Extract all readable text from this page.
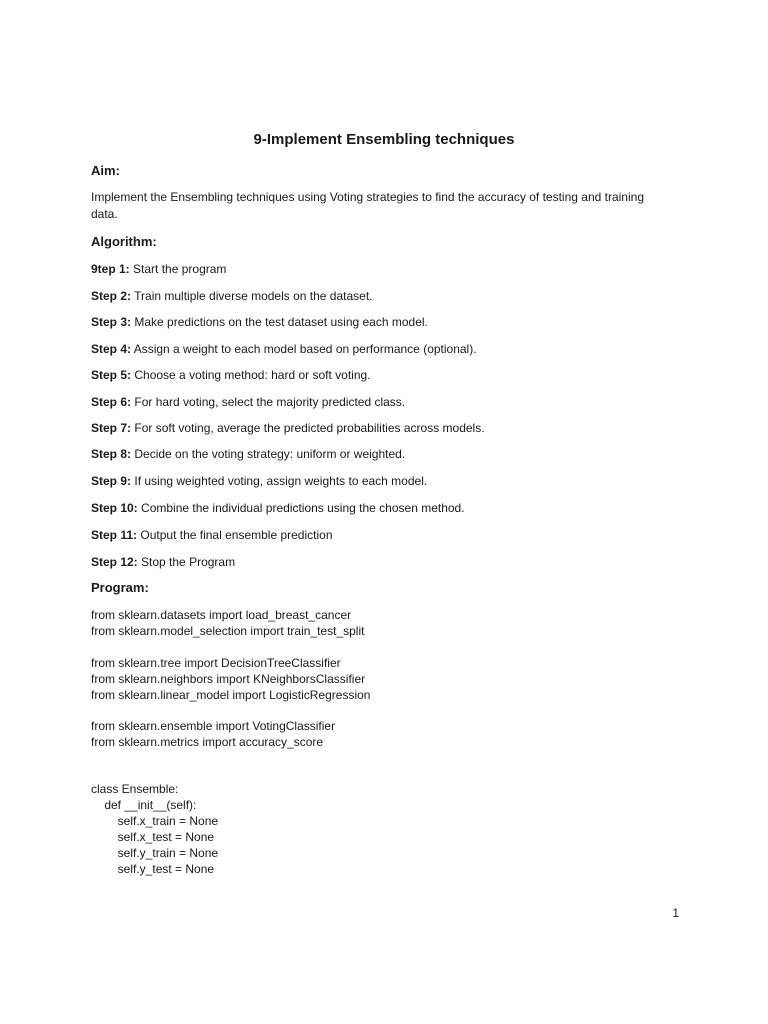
9-Implement Ensembling techniques
Aim:
Implement the Ensembling techniques using Voting strategies to find the accuracy of testing and training data.
Algorithm:
9tep 1: Start the program
Step 2: Train multiple diverse models on the dataset.
Step 3: Make predictions on the test dataset using each model.
Step 4: Assign a weight to each model based on performance (optional).
Step 5: Choose a voting method: hard or soft voting.
Step 6: For hard voting, select the majority predicted class.
Step 7: For soft voting, average the predicted probabilities across models.
Step 8: Decide on the voting strategy: uniform or weighted.
Step 9: If using weighted voting, assign weights to each model.
Step 10: Combine the individual predictions using the chosen method.
Step 11: Output the final ensemble prediction
Step 12: Stop the Program
Program:
from sklearn.datasets import load_breast_cancer
from sklearn.model_selection import train_test_split
from sklearn.tree import DecisionTreeClassifier
from sklearn.neighbors import KNeighborsClassifier
from sklearn.linear_model import LogisticRegression
from sklearn.ensemble import VotingClassifier
from sklearn.metrics import accuracy_score
class Ensemble:
def __init__(self):
self.x_train = None
self.x_test = None
self.y_train = None
self.y_test = None
1
